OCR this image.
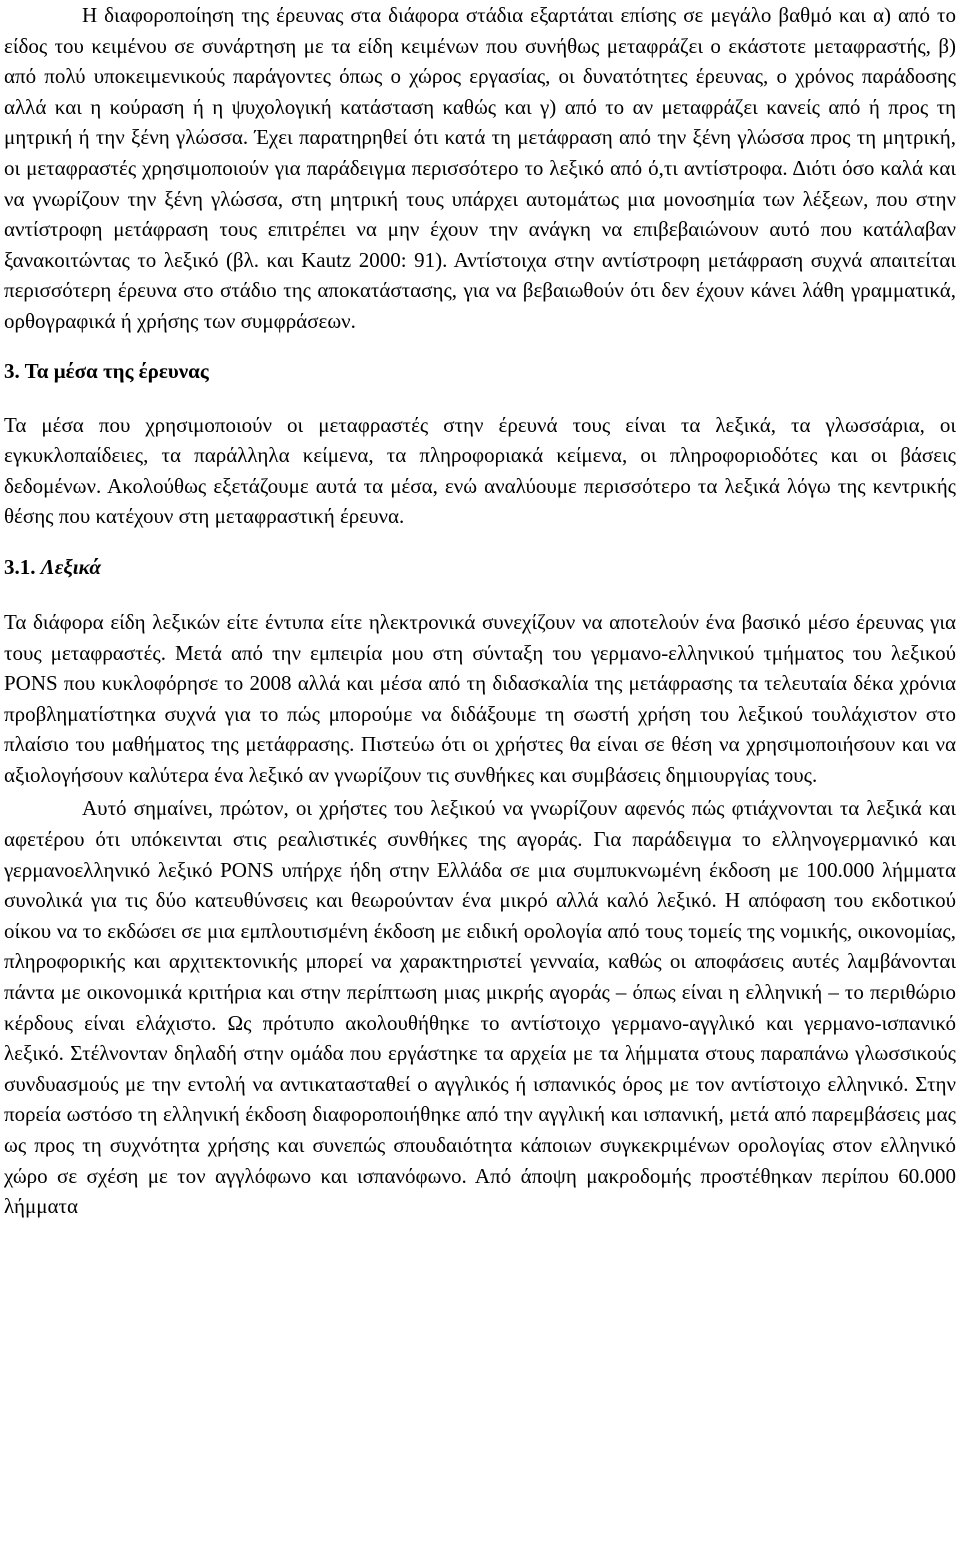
Η διαφοροποίηση της έρευνας στα διάφορα στάδια εξαρτάται επίσης σε μεγάλο βαθμό και α) από το είδος του κειμένου σε συνάρτηση με τα είδη κειμένων που συνήθως μεταφράζει ο εκάστοτε μεταφραστής, β) από πολύ υποκειμενικούς παράγοντες όπως ο χώρος εργασίας, οι δυνατότητες έρευνας, ο χρόνος παράδοσης αλλά και η κούραση ή η ψυχολογική κατάσταση καθώς και γ) από το αν μεταφράζει κανείς από ή προς τη μητρική ή την ξένη γλώσσα. Έχει παρατηρηθεί ότι κατά τη μετάφραση από την ξένη γλώσσα προς τη μητρική, οι μεταφραστές χρησιμοποιούν για παράδειγμα περισσότερο το λεξικό από ό,τι αντίστροφα. Διότι όσο καλά και να γνωρίζουν την ξένη γλώσσα, στη μητρική τους υπάρχει αυτομάτως μια μονοσημία των λέξεων, που στην αντίστροφη μετάφραση τους επιτρέπει να μην έχουν την ανάγκη να επιβεβαιώνουν αυτό που κατάλαβαν ξανακοιτώντας το λεξικό (βλ. και Kautz 2000: 91). Αντίστοιχα στην αντίστροφη μετάφραση συχνά απαιτείται περισσότερη έρευνα στο στάδιο της αποκατάστασης, για να βεβαιωθούν ότι δεν έχουν κάνει λάθη γραμματικά, ορθογραφικά ή χρήσης των συμφράσεων.

3. Τα μέσα της έρευνας

Τα μέσα που χρησιμοποιούν οι μεταφραστές στην έρευνά τους είναι τα λεξικά, τα γλωσσάρια, οι εγκυκλοπαίδειες, τα παράλληλα κείμενα, τα πληροφοριακά κείμενα, οι πληροφοριοδότες και οι βάσεις δεδομένων. Ακολούθως εξετάζουμε αυτά τα μέσα, ενώ αναλύουμε περισσότερο τα λεξικά λόγω της κεντρικής θέσης που κατέχουν στη μεταφραστική έρευνα.

3.1. Λεξικά

Τα διάφορα είδη λεξικών είτε έντυπα είτε ηλεκτρονικά συνεχίζουν να αποτελούν ένα βασικό μέσο έρευνας για τους μεταφραστές. Μετά από την εμπειρία μου στη σύνταξη του γερμανο-ελληνικού τμήματος του λεξικού PONS που κυκλοφόρησε το 2008 αλλά και μέσα από τη διδασκαλία της μετάφρασης τα τελευταία δέκα χρόνια προβληματίστηκα συχνά για το πώς μπορούμε να διδάξουμε τη σωστή χρήση του λεξικού τουλάχιστον στο πλαίσιο του μαθήματος της μετάφρασης. Πιστεύω ότι οι χρήστες θα είναι σε θέση να χρησιμοποιήσουν και να αξιολογήσουν καλύτερα ένα λεξικό αν γνωρίζουν τις συνθήκες και συμβάσεις δημιουργίας τους.

Αυτό σημαίνει, πρώτον, οι χρήστες του λεξικού να γνωρίζουν αφενός πώς φτιάχνονται τα λεξικά και αφετέρου ότι υπόκεινται στις ρεαλιστικές συνθήκες της αγοράς. Για παράδειγμα το ελληνογερμανικό και γερμανοελληνικό λεξικό PONS υπήρχε ήδη στην Ελλάδα σε μια συμπυκνωμένη έκδοση με 100.000 λήμματα συνολικά για τις δύο κατευθύνσεις και θεωρούνταν ένα μικρό αλλά καλό λεξικό. Η απόφαση του εκδοτικού οίκου να το εκδώσει σε μια εμπλουτισμένη έκδοση με ειδική ορολογία από τους τομείς της νομικής, οικονομίας, πληροφορικής και αρχιτεκτονικής μπορεί να χαρακτηριστεί γενναία, καθώς οι αποφάσεις αυτές λαμβάνονται πάντα με οικονομικά κριτήρια και στην περίπτωση μιας μικρής αγοράς – όπως είναι η ελληνική – το περιθώριο κέρδους είναι ελάχιστο. Ως πρότυπο ακολουθήθηκε το αντίστοιχο γερμανο-αγγλικό και γερμανο-ισπανικό λεξικό. Στέλνονταν δηλαδή στην ομάδα που εργάστηκε τα αρχεία με τα λήμματα στους παραπάνω γλωσσικούς συνδυασμούς με την εντολή να αντικατασταθεί ο αγγλικός ή ισπανικός όρος με τον αντίστοιχο ελληνικό. Στην πορεία ωστόσο τη ελληνική έκδοση διαφοροποιήθηκε από την αγγλική και ισπανική, μετά από παρεμβάσεις μας ως προς τη συχνότητα χρήσης και συνεπώς σπουδαιότητα κάποιων συγκεκριμένων ορολογίας στον ελληνικό χώρο σε σχέση με τον αγγλόφωνο και ισπανόφωνο. Από άποψη μακροδομής προστέθηκαν περίπου 60.000 λήμματα
